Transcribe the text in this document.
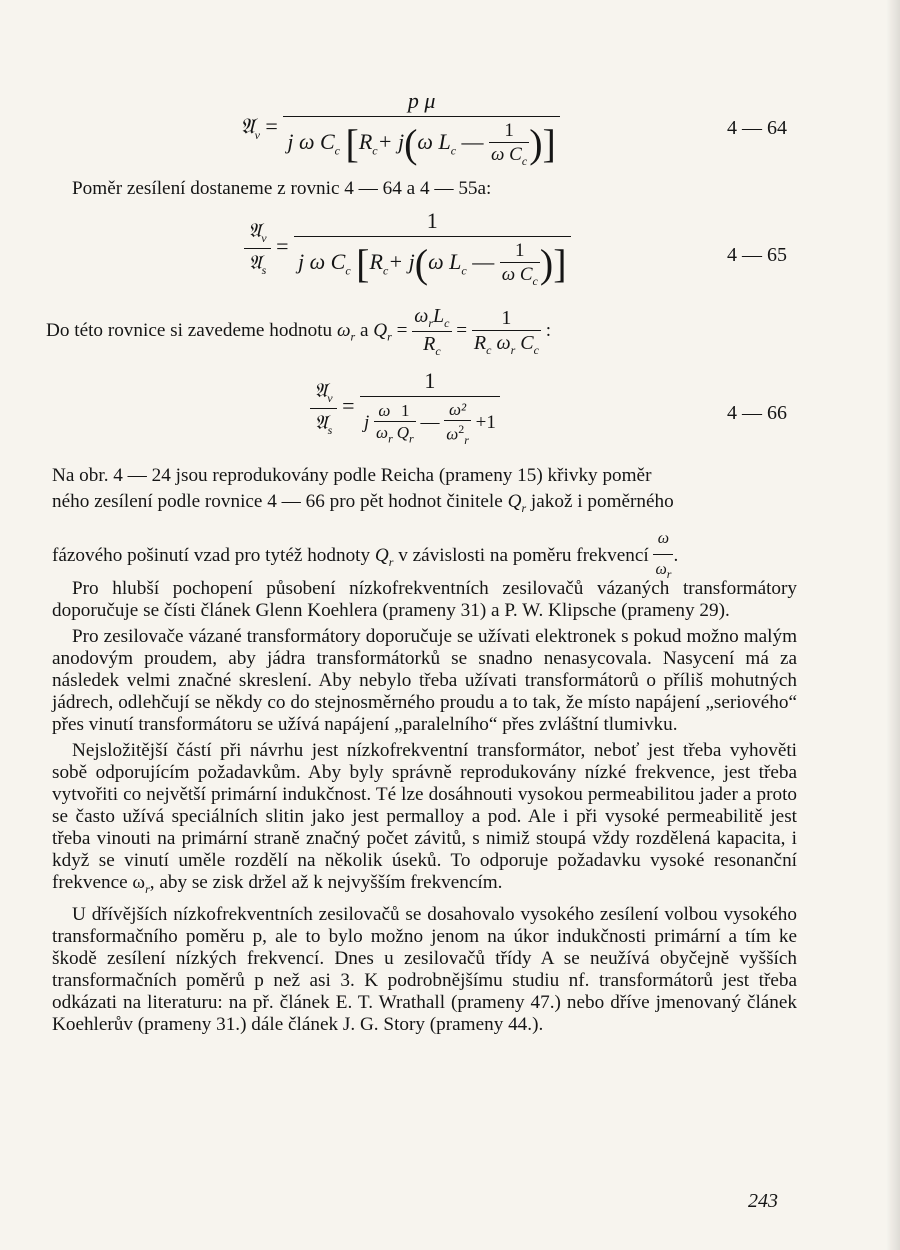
𝔄$_v$ =
p μ
j ω $C_c$ [$R_c+ j(\omega$ $L_c$ — $\frac{1}{\omega C_c}$ )]	4 — 64
Poměr zesílení dostaneme z rovnic 4 — 64 a 4 — 55a:
$\frac{𝔄_v}{𝔄_s}$ =
1
j ω $C_c$ [$R_c+ j(\omega$ $L_c$ — $\frac{1}{\omega C_c}$ )]	4 — 65
Do této rovnice si zavedeme hodnotu $\omega_r$ a $Q_r = \frac{\omega_rL_c}{R_c} = \frac{1}{R_c \omega_r C_c}$ :
$\frac{𝔄_v}{𝔄_s}$ =
1
j $\frac{\omega}{\omega_r} \frac{1}{Q_r}$ — $\frac{\text{ω²}}{\omega^2_r} +1$	4 — 66
Na obr. 4 — 24 jsou reprodukovány podle Reicha (prameny 15) křivky poměr
ného zesílení podle rovnice 4 — 66 pro pět hodnot činitele $Q_r$ jakož i poměrného
fázového pošinutí vzad pro tytéž hodnoty $Q_r$ v závislosti na poměru frekvencí $\frac{\omega}{\omega_r}$ .

Pro hlubší pochopení působení nízkofrekventních zesilovačů vázaných transformátory doporučuje se čísti článek Glenn Koehlera (prameny 31) a P. W. Klipsche (prameny 29).

Pro zesilovače vázané transformátory doporučuje se užívati elektronek s pokud možno malým anodovým proudem, aby jádra transformátorků se snadno nenasycovala. Nasycení má za následek velmi značné skreslení. Aby nebylo třeba užívati transformátorů o příliš mohutných jádrech, odlehčují se někdy co do stejnosměrného proudu a to tak, že místo napájení „seriového“ přes vinutí transformátoru se užívá napájení „paralelního“ přes zvláštní tlumivku.

Nejsložitější částí při návrhu jest nízkofrekventní transformátor, neboť jest třeba vyhověti sobě odporujícím požadavkům. Aby byly správně reprodukovány nízké frekvence, jest třeba vytvořiti co největší primární indukčnost. Té lze dosáhnouti vysokou permeabilitou jader a proto se často užívá speciálních slitin jako jest permalloy a pod. Ale i při vysoké permeabilitě jest třeba vinouti na primární straně značný počet závitů, s nimiž stoupá vždy rozdělená kapacita, i když se vinutí uměle rozdělí na několik úseků. To odporuje požadavku vysoké resonanční frekvence $\omega_r$, aby se zisk držel až k nejvyšším frekvencím.

U dřívějších nízkofrekventních zesilovačů se dosahovalo vysokého zesílení volbou vysokého transformačního poměru p, ale to bylo možno jenom na úkor indukčnosti primární a tím ke škodě zesílení nízkých frekvencí. Dnes u zesilovačů třídy A se neužívá obyčejně vyšších transformačních poměrů p než asi 3. K podrobnějšímu studiu nf. transformátorů jest třeba odkázati na literaturu: na př. článek E. T. Wrathall (prameny 47.) nebo dříve jmenovaný článek Koehlerův (prameny 31.) dále článek J. G. Story (prameny 44.).

243
